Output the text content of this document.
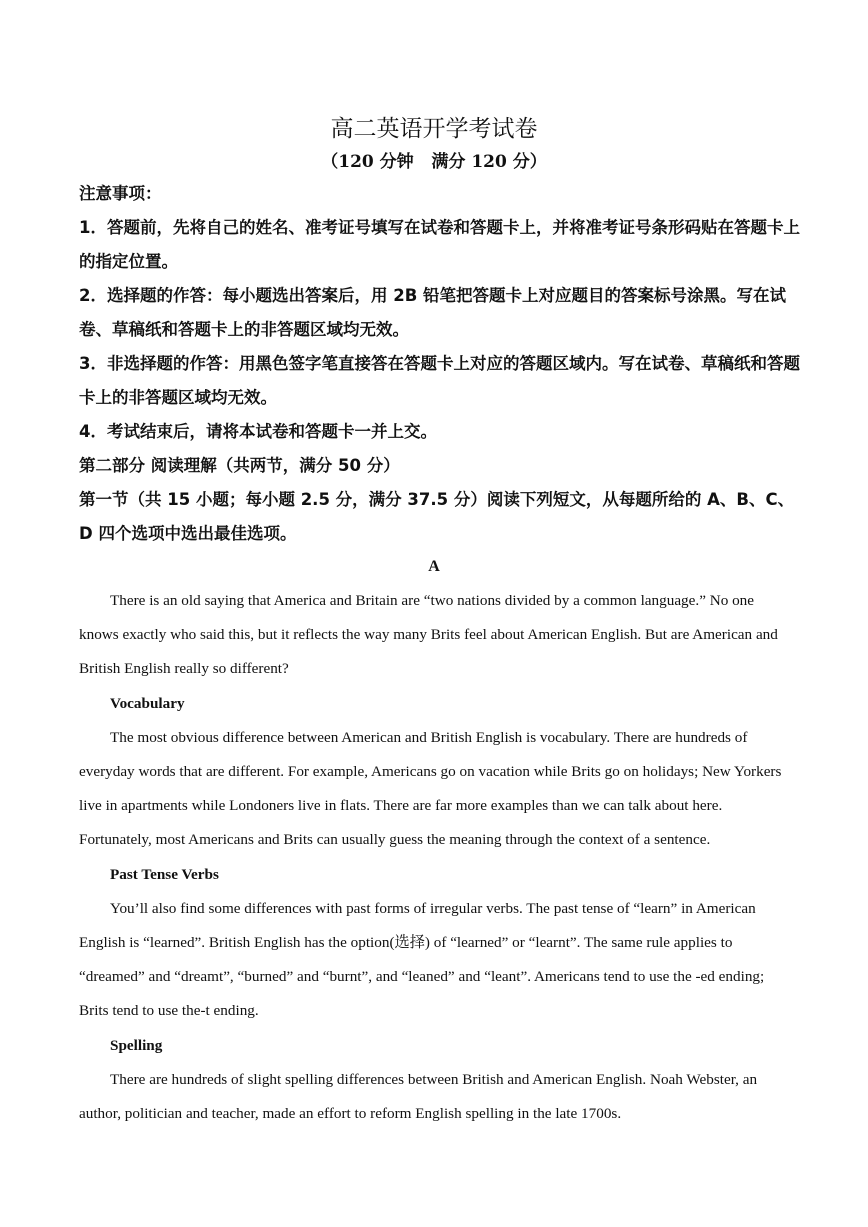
高二英语开学考试卷
（120 分钟   满分 120 分）

注意事项：

1．答题前，先将自己的姓名、准考证号填写在试卷和答题卡上，并将准考证号条形码贴在答题卡上的指定位置。

2．选择题的作答：每小题选出答案后，用 2B 铅笔把答题卡上对应题目的答案标号涂黑。写在试卷、草稿纸和答题卡上的非答题区域均无效。

3．非选择题的作答：用黑色签字笔直接答在答题卡上对应的答题区域内。写在试卷、草稿纸和答题卡上的非答题区域均无效。

4．考试结束后，请将本试卷和答题卡一并上交。

第二部分 阅读理解（共两节，满分 50 分）

第一节（共 15 小题；每小题 2.5 分，满分 37.5 分）阅读下列短文，从每题所给的 A、B、C、D 四个选项中选出最佳选项。

A

There is an old saying that America and Britain are “two nations divided by a common language.” No one knows exactly who said this, but it reflects the way many Brits feel about American English. But are American and British English really so different?

Vocabulary

The most obvious difference between American and British English is vocabulary. There are hundreds of everyday words that are different. For example, Americans go on vacation while Brits go on holidays; New Yorkers live in apartments while Londoners live in flats. There are far more examples than we can talk about here. Fortunately, most Americans and Brits can usually guess the meaning through the context of a sentence.

Past Tense Verbs

You’ll also find some differences with past forms of irregular verbs. The past tense of “learn” in American English is “learned”. British English has the option(选择) of “learned” or “learnt”. The same rule applies to “dreamed” and “dreamt”, “burned” and “burnt”, and “leaned” and “leant”. Americans tend to use the -ed ending; Brits tend to use the-t ending.

Spelling

There are hundreds of slight spelling differences between British and American English. Noah Webster, an author, politician and teacher, made an effort to reform English spelling in the late 1700s.
